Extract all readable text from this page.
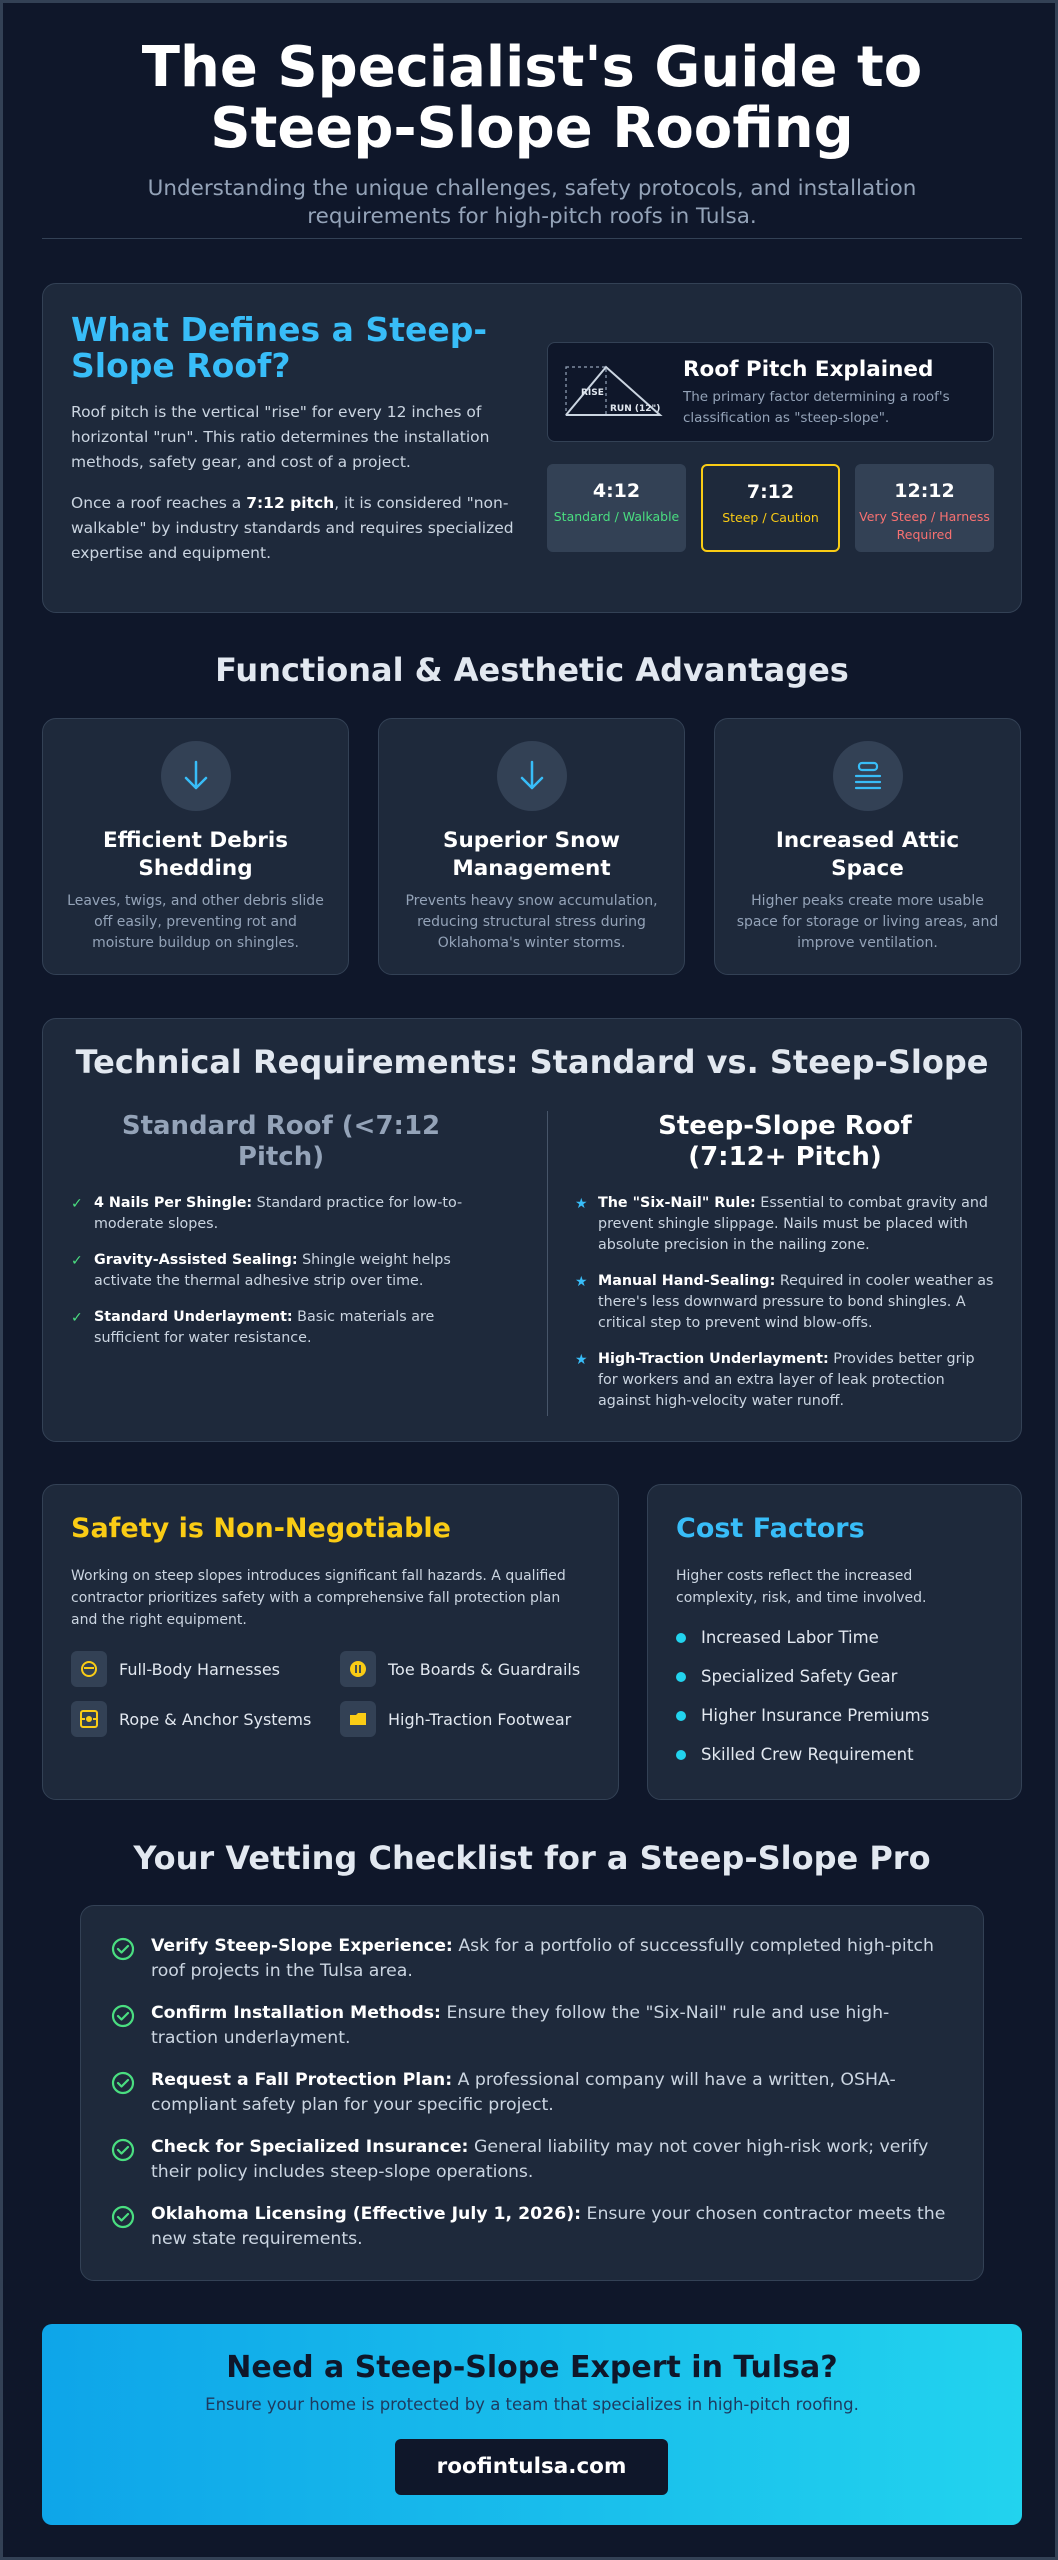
The Specialist's Guide to Steep-Slope Roofing
Understanding the unique challenges, safety protocols, and installation requirements for high-pitch roofs in Tulsa.
What Defines a Steep-Slope Roof?

Roof pitch is the vertical "rise" for every 12 inches of horizontal "run". This ratio determines the installation methods, safety gear, and cost of a project.

Once a roof reaches a 7:12 pitch, it is considered "non-walkable" by industry standards and requires specialized expertise and equipment.

RISE
RUN (12")
Roof Pitch Explained
The primary factor determining a roof's classification as "steep-slope".
4:12
Standard / Walkable
7:12
Steep / Caution
12:12
Very Steep / Harness Required
Functional & Aesthetic Advantages
Efficient Debris Shedding

Leaves, twigs, and other debris slide off easily, preventing rot and moisture buildup on shingles.

Superior Snow Management

Prevents heavy snow accumulation, reducing structural stress during Oklahoma's winter storms.

Increased Attic Space

Higher peaks create more usable space for storage or living areas, and improve ventilation.

Technical Requirements: Standard vs. Steep-Slope
Standard Roof (<7:12 Pitch)
✓ 4 Nails Per Shingle: Standard practice for low-to-moderate slopes.
✓ Gravity-Assisted Sealing: Shingle weight helps activate the thermal adhesive strip over time.
✓ Standard Underlayment: Basic materials are sufficient for water resistance.
Steep-Slope Roof (7:12+ Pitch)
★ The "Six-Nail" Rule: Essential to combat gravity and prevent shingle slippage. Nails must be placed with absolute precision in the nailing zone.
★ Manual Hand-Sealing: Required in cooler weather as there's less downward pressure to bond shingles. A critical step to prevent wind blow-offs.
★ High-Traction Underlayment: Provides better grip for workers and an extra layer of leak protection against high-velocity water runoff.
Safety is Non-Negotiable

Working on steep slopes introduces significant fall hazards. A qualified contractor prioritizes safety with a comprehensive fall protection plan and the right equipment.

Full-Body Harnesses	Toe Boards & Guardrails
Rope & Anchor Systems	High-Traction Footwear
Cost Factors

Higher costs reflect the increased complexity, risk, and time involved.

Increased Labor Time
Specialized Safety Gear
Higher Insurance Premiums
Skilled Crew Requirement
Your Vetting Checklist for a Steep-Slope Pro
Verify Steep-Slope Experience: Ask for a portfolio of successfully completed high-pitch roof projects in the Tulsa area.
Confirm Installation Methods: Ensure they follow the "Six-Nail" rule and use high-traction underlayment.
Request a Fall Protection Plan: A professional company will have a written, OSHA-compliant safety plan for your specific project.
Check for Specialized Insurance: General liability may not cover high-risk work; verify their policy includes steep-slope operations.
Oklahoma Licensing (Effective July 1, 2026): Ensure your chosen contractor meets the new state requirements.
Need a Steep-Slope Expert in Tulsa?

Ensure your home is protected by a team that specializes in high-pitch roofing.

roofintulsa.com
